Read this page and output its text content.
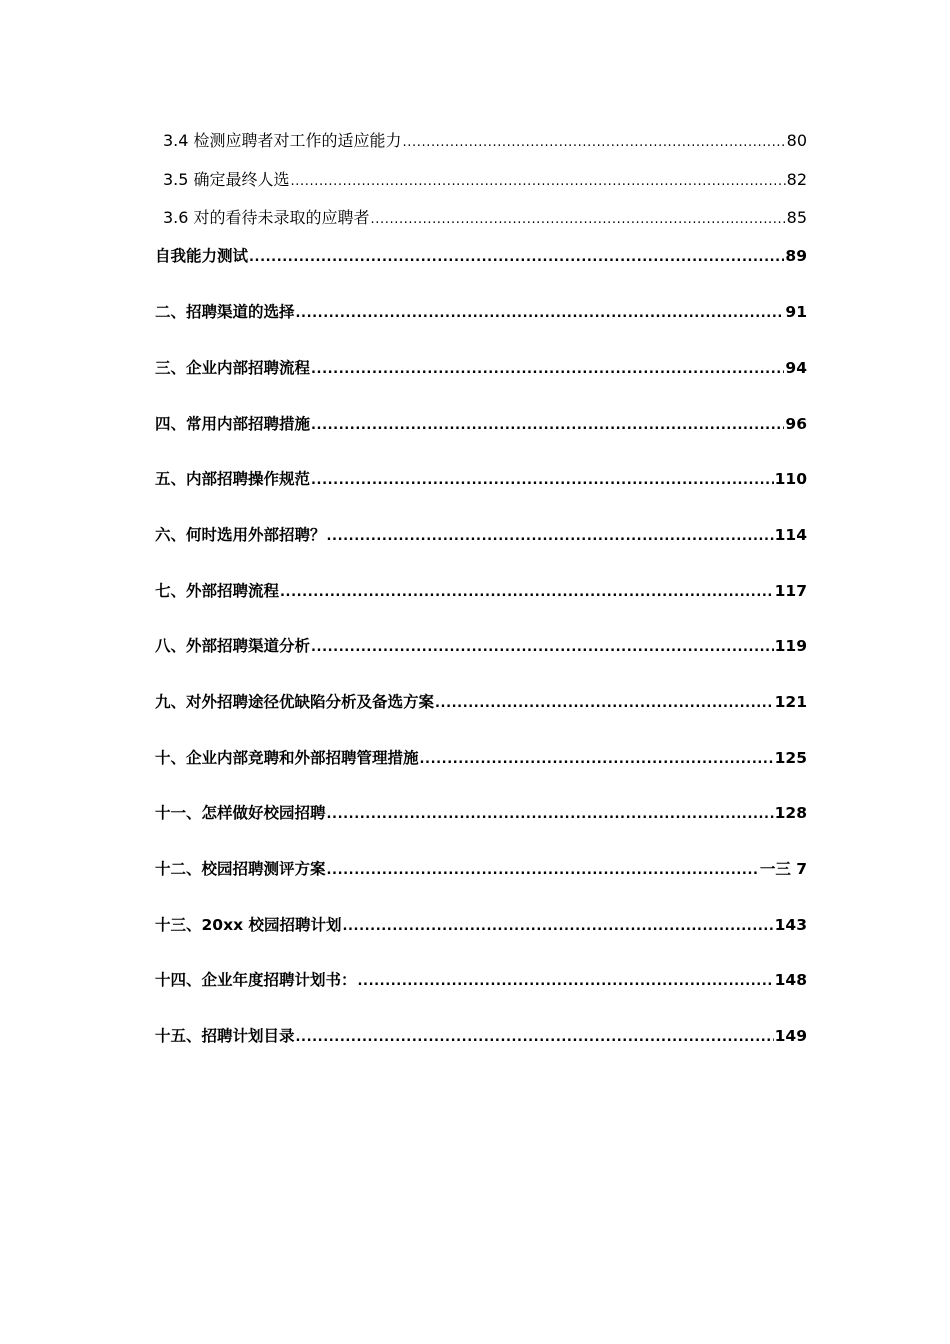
3.4 检测应聘者对工作的适应能力 .....	80
3.5 确定最终人选 .....	82
3.6 对的看待未录取的应聘者 .....	85
自我能力测试 .....	89
二、招聘渠道的选择 .....	91
三、企业内部招聘流程 .....	94
四、常用内部招聘措施 .....	96
五、内部招聘操作规范 .....	110
六、何时选用外部招聘？ .....	114
七、外部招聘流程 .....	117
八、外部招聘渠道分析 .....	119
九、对外招聘途径优缺陷分析及备选方案 .....	121
十、企业内部竞聘和外部招聘管理措施 .....	125
十一、怎样做好校园招聘 .....	128
十二、校园招聘测评方案 .....	一三 7
十三、20xx 校园招聘计划 .....	143
十四、企业年度招聘计划书： .....	148
十五、招聘计划目录 .....	149
